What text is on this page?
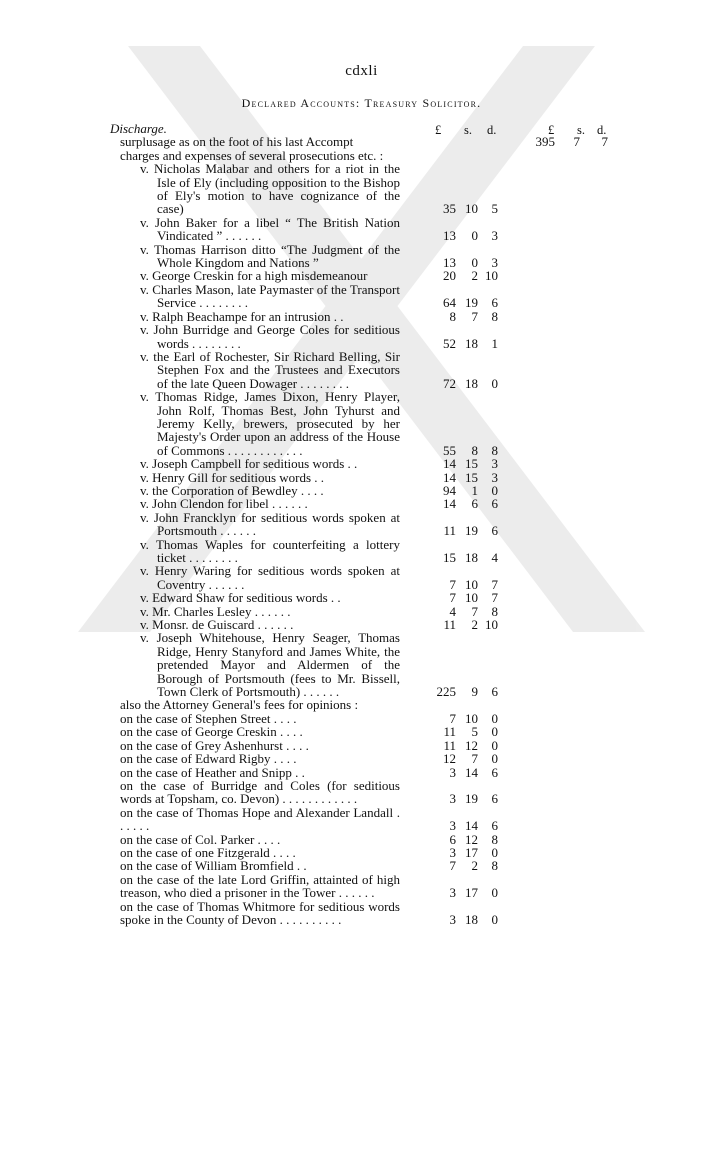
cdxli
Declared Accounts: Treasury Solicitor.
£ s. d.	£ s. d.
Discharge.
surplusage as on the foot of his last Accompt	395	7	7
charges and expenses of several prosecutions etc. :
v. Nicholas Malabar and others for a riot in the Isle of Ely (including opposition to the Bishop of Ely's motion to have cognizance of the case)	35 10	5
v. John Baker for a libel “ The British Nation Vindicated ” . . . . . .	13	0	3
v. Thomas Harrison ditto “The Judgment of the Whole Kingdom and Nations ”	13	0	3
v. George Creskin for a high misdemeanour	20	2 10
v. Charles Mason, late Paymaster of the Transport Service . . . . . . . .	64 19	6
v. Ralph Beachampe for an intrusion . .	8	7	8
v. John Burridge and George Coles for seditious words . . . . . . . .	52 18	1
v. the Earl of Rochester, Sir Richard Belling, Sir Stephen Fox and the Trustees and Executors of the late Queen Dowager . . . . . . . .	72 18	0
v. Thomas Ridge, James Dixon, Henry Player, John Rolf, Thomas Best, John Tyhurst and Jeremy Kelly, brewers, prosecuted by her Majesty's Order upon an address of the House of Commons . . . . . . . . . . . .	55	8	8
v. Joseph Campbell for seditious words . .	14 15	3
v. Henry Gill for seditious words . .	14 15	3
v. the Corporation of Bewdley . . . .	94	1	0
v. John Clendon for libel . . . . . .	14	6	6
v. John Francklyn for seditious words spoken at Portsmouth . . . . . .	11 19	6
v. Thomas Waples for counterfeiting a lottery ticket . . . . . . . .	15 18	4
v. Henry Waring for seditious words spoken at Coventry . . . . . .	7 10	7
v. Edward Shaw for seditious words . .	7 10	7
v. Mr. Charles Lesley . . . . . .	4	7	8
v. Monsr. de Guiscard . . . . . .	11	2 10
v. Joseph Whitehouse, Henry Seager, Thomas Ridge, Henry Stanyford and James White, the pretended Mayor and Aldermen of the Borough of Portsmouth (fees to Mr. Bissell, Town Clerk of Portsmouth) . . . . . .	225	9	6
also the Attorney General's fees for opinions :
on the case of Stephen Street . . . .	7 10	0
on the case of George Creskin . . . .	11	5	0
on the case of Grey Ashenhurst . . . .	11 12	0
on the case of Edward Rigby . . . .	12	7	0
on the case of Heather and Snipp . .	3 14	6
on the case of Burridge and Coles (for seditious words at Topsham, co. Devon) . . . . . . . . . . . .	3 19	6
on the case of Thomas Hope and Alexander Landall . . . . . .	3 14	6
on the case of Col. Parker . . . .	6 12	8
on the case of one Fitzgerald . . . .	3 17	0
on the case of William Bromfield . .	7	2	8
on the case of the late Lord Griffin, attainted of high treason, who died a prisoner in the Tower . . . . . .	3 17	0
on the case of Thomas Whitmore for seditious words spoke in the County of Devon . . . . . . . . . .	3 18	0
